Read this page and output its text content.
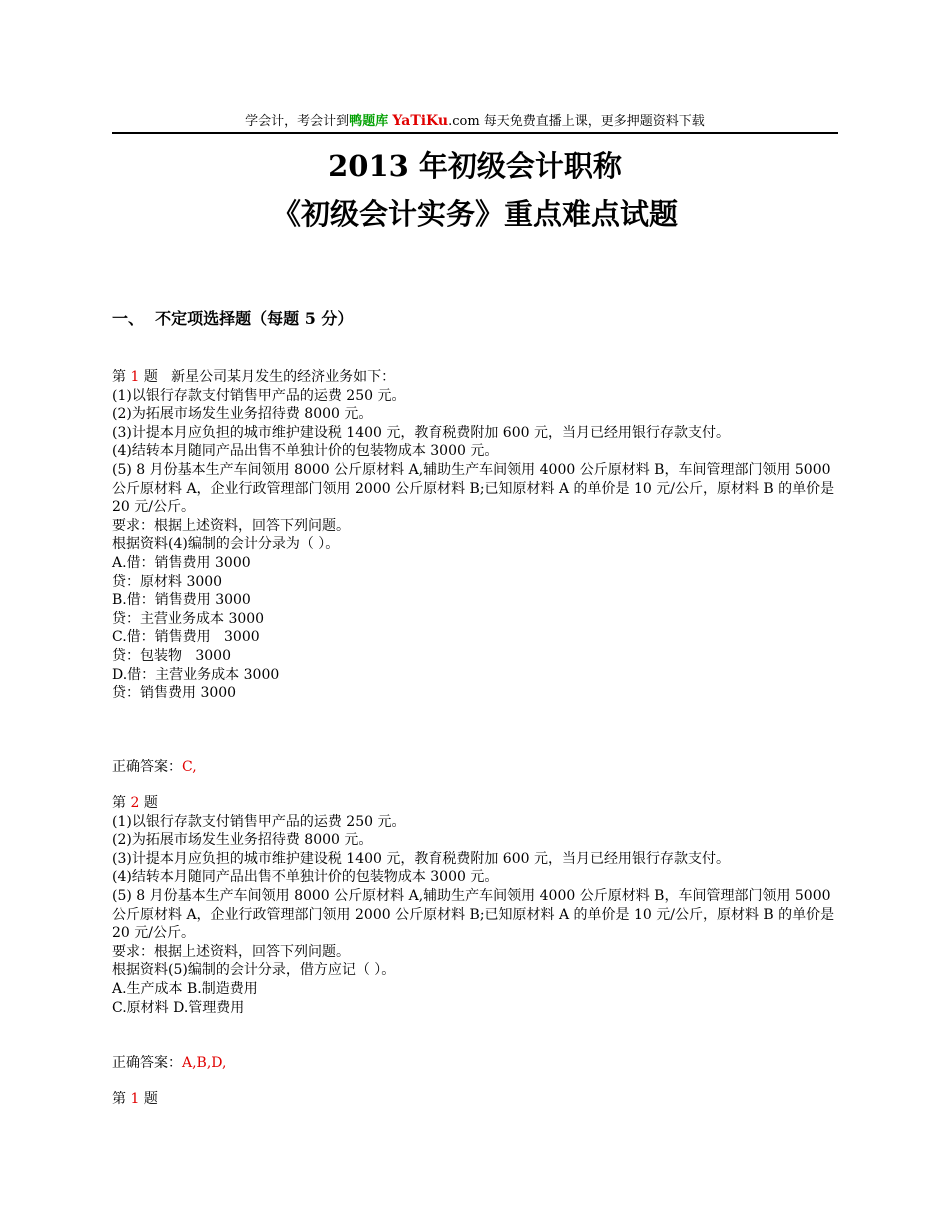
学会计，考会计到鸭题库 YaTiKu.com 每天免费直播上课，更多押题资料下载
2013 年初级会计职称
《初级会计实务》重点难点试题
一、  不定项选择题（每题 5 分）
第 1 题   新星公司某月发生的经济业务如下：
(1)以银行存款支付销售甲产品的运费 250 元。
(2)为拓展市场发生业务招待费 8000 元。
(3)计提本月应负担的城市维护建设税 1400 元，教育税费附加 600 元，当月已经用银行存款支付。
(4)结转本月随同产品出售不单独计价的包装物成本 3000 元。
(5) 8 月份基本生产车间领用 8000 公斤原材料 A,辅助生产车间领用 4000 公斤原材料 B，车间管理部门领用 5000 公斤原材料 A，企业行政管理部门领用 2000 公斤原材料 B;已知原材料 A 的单价是 10 元/公斤，原材料 B 的单价是 20 元/公斤。
要求：根据上述资料，回答下列问题。
根据资料(4)编制的会计分录为（ ）。
A.借：销售费用 3000
贷：原材料 3000
B.借：销售费用 3000
贷：主营业务成本 3000
C.借：销售费用   3000
贷：包装物   3000
D.借：主营业务成本 3000
贷：销售费用 3000
正确答案：C,
第 2 题
(1)以银行存款支付销售甲产品的运费 250 元。
(2)为拓展市场发生业务招待费 8000 元。
(3)计提本月应负担的城市维护建设税 1400 元，教育税费附加 600 元，当月已经用银行存款支付。
(4)结转本月随同产品出售不单独计价的包装物成本 3000 元。
(5) 8 月份基本生产车间领用 8000 公斤原材料 A,辅助生产车间领用 4000 公斤原材料 B，车间管理部门领用 5000 公斤原材料 A，企业行政管理部门领用 2000 公斤原材料 B;已知原材料 A 的单价是 10 元/公斤，原材料 B 的单价是 20 元/公斤。
要求：根据上述资料，回答下列问题。
根据资料(5)编制的会计分录，借方应记（ ）。
A.生产成本 B.制造费用
C.原材料 D.管理费用
正确答案：A,B,D,
第 1 题
